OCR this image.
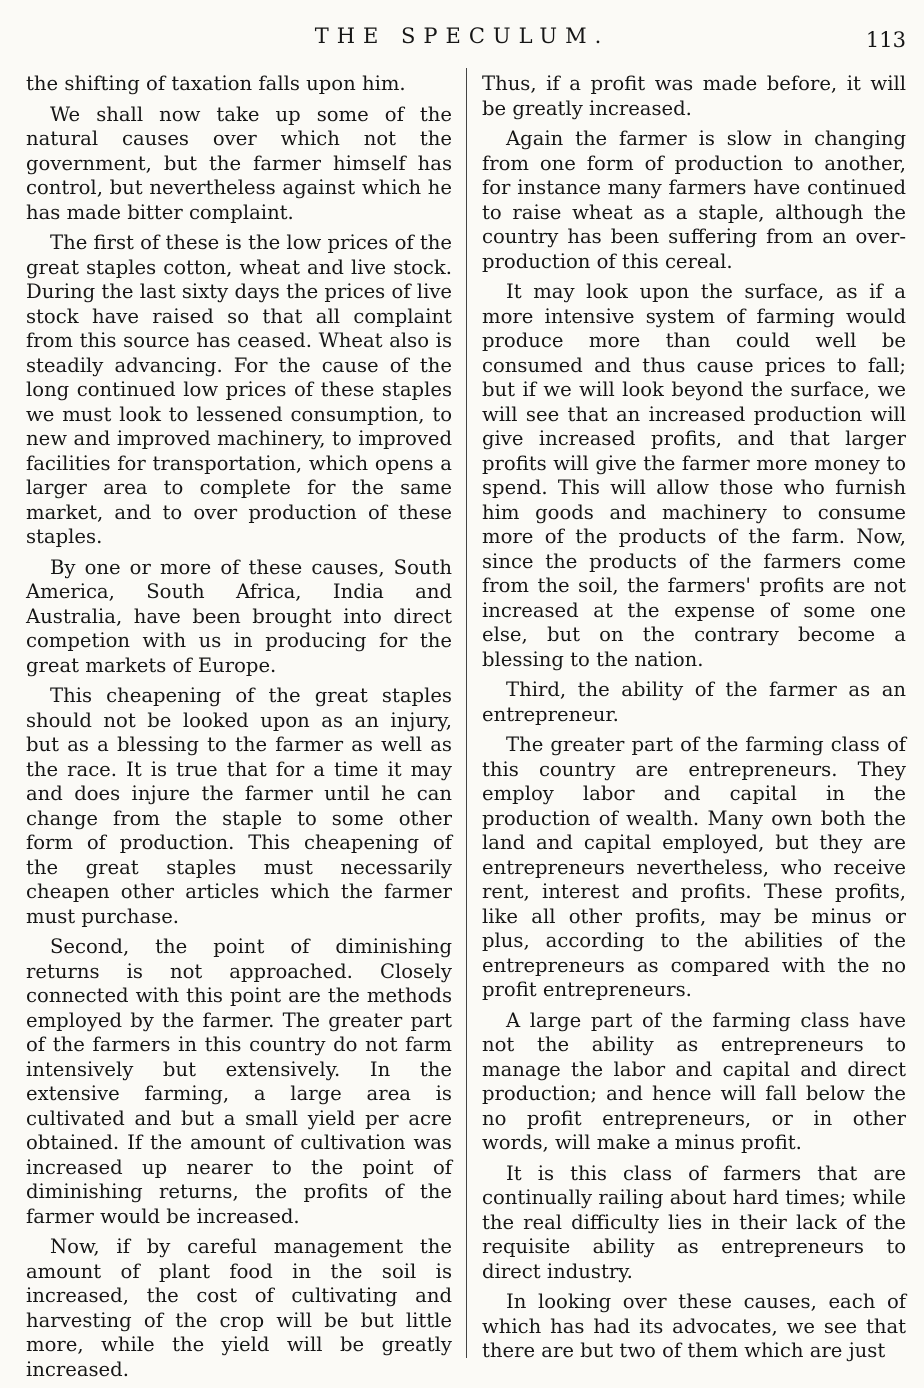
THE SPECULUM.	113

the shifting of taxation falls upon him.

We shall now take up some of the natural causes over which not the government, but the farmer himself has control, but nevertheless against which he has made bitter complaint.

The first of these is the low prices of the great staples cotton, wheat and live stock. During the last sixty days the prices of live stock have raised so that all complaint from this source has ceased. Wheat also is steadily advancing. For the cause of the long continued low prices of these staples we must look to lessened consumption, to new and improved machinery, to improved facilities for transportation, which opens a larger area to complete for the same market, and to over production of these staples.

By one or more of these causes, South America, South Africa, India and Australia, have been brought into direct competion with us in producing for the great markets of Europe.

This cheapening of the great staples should not be looked upon as an injury, but as a blessing to the farmer as well as the race. It is true that for a time it may and does injure the farmer until he can change from the staple to some other form of production. This cheapening of the great staples must necessarily cheapen other articles which the farmer must purchase.

Second, the point of diminishing returns is not approached. Closely connected with this point are the methods employed by the farmer. The greater part of the farmers in this country do not farm intensively but extensively. In the extensive farming, a large area is cultivated and but a small yield per acre obtained. If the amount of cultivation was increased up nearer to the point of diminishing returns, the profits of the farmer would be increased.

Now, if by careful management the amount of plant food in the soil is increased, the cost of cultivating and harvesting of the crop will be but little more, while the yield will be greatly increased.

Thus, if a profit was made before, it will be greatly increased.

Again the farmer is slow in changing from one form of production to another, for instance many farmers have continued to raise wheat as a staple, although the country has been suffering from an over-production of this cereal.

It may look upon the surface, as if a more intensive system of farming would produce more than could well be consumed and thus cause prices to fall; but if we will look beyond the surface, we will see that an increased production will give increased profits, and that larger profits will give the farmer more money to spend. This will allow those who furnish him goods and machinery to consume more of the products of the farm. Now, since the products of the farmers come from the soil, the farmers' profits are not increased at the expense of some one else, but on the contrary become a blessing to the nation.

Third, the ability of the farmer as an entrepreneur.

The greater part of the farming class of this country are entrepreneurs. They employ labor and capital in the production of wealth. Many own both the land and capital employed, but they are entrepreneurs nevertheless, who receive rent, interest and profits. These profits, like all other profits, may be minus or plus, according to the abilities of the entrepreneurs as compared with the no profit entrepreneurs.

A large part of the farming class have not the ability as entrepreneurs to manage the labor and capital and direct production; and hence will fall below the no profit entrepreneurs, or in other words, will make a minus profit.

It is this class of farmers that are continually railing about hard times; while the real difficulty lies in their lack of the requisite ability as entrepreneurs to direct industry.

In looking over these causes, each of which has had its advocates, we see that there are but two of them which are just
